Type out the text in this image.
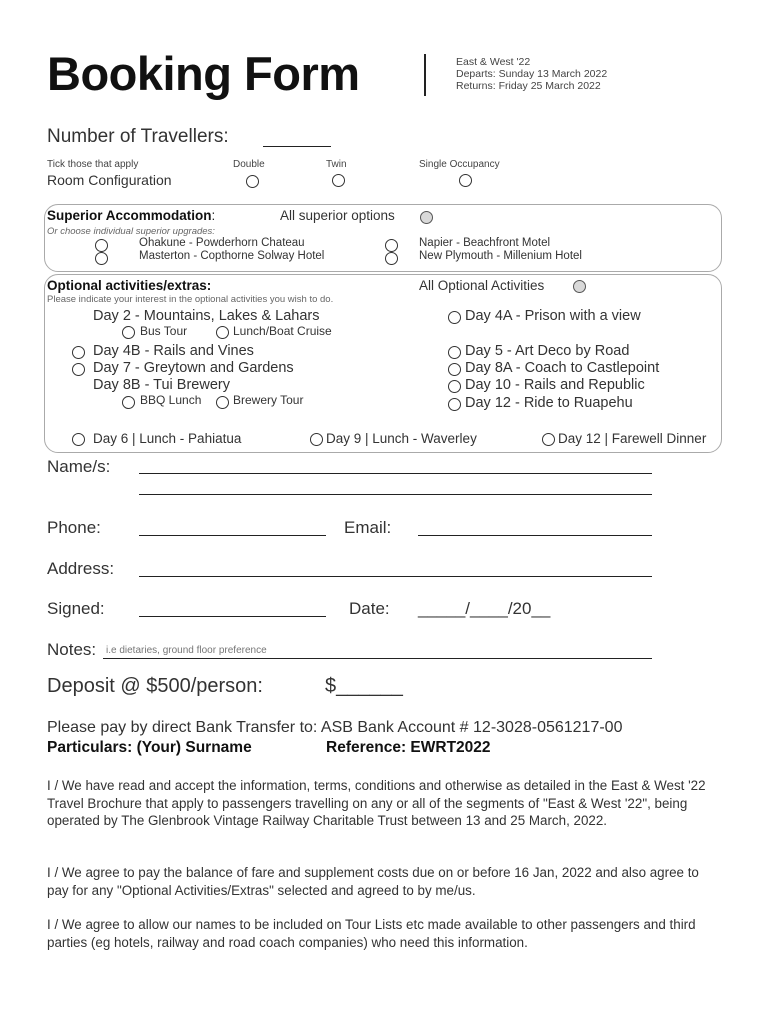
Booking Form	East & West '22
Departs: Sunday 13 March 2022
Returns: Friday 25 March 2022
Number of Travellers:
Tick those that apply
Room Configuration
Double	Twin	Single Occupancy
Superior Accommodation:	All superior options
Or choose individual superior upgrades:
Ohakune - Powderhorn Chateau
Masterton - Copthorne Solway Hotel
Napier - Beachfront Motel
New Plymouth - Millenium Hotel
Optional activities/extras:	All Optional Activities
Please indicate your interest in the optional activities you wish to do.
Day 2 - Mountains, Lakes & Lahars
Bus Tour	Lunch/Boat Cruise
Day 4B - Rails and Vines
Day 7 - Greytown and Gardens
Day 8B - Tui Brewery
BBQ Lunch	Brewery Tour
Day 4A - Prison with a view
Day 5 - Art Deco by Road
Day 8A - Coach to Castlepoint
Day 10 - Rails and Republic
Day 12 - Ride to Ruapehu
Day 6 | Lunch - Pahiatua	Day 9 | Lunch - Waverley	Day 12 | Farewell Dinner
Name/s:
Phone:	Email:
Address:
Signed:	Date: _____/____/20__
Notes: i.e dietaries, ground floor preference
Deposit @ $500/person:	$______
Please pay by direct Bank Transfer to: ASB Bank Account # 12-3028-0561217-00
Particulars: (Your) Surname	Reference: EWRT2022
I / We have read and accept the information, terms, conditions and otherwise as detailed in the East & West '22 Travel Brochure that apply to passengers travelling on any or all of the segments of "East & West '22", being operated by The Glenbrook Vintage Railway Charitable Trust between 13 and 25 March, 2022.
I / We agree to pay the balance of fare and supplement costs due on or before 16 Jan, 2022 and also agree to pay for any "Optional Activities/Extras" selected and agreed to by me/us.
I / We agree to allow our names to be included on Tour Lists etc made available to other passengers and third parties (eg hotels, railway and road coach companies) who need this information.
